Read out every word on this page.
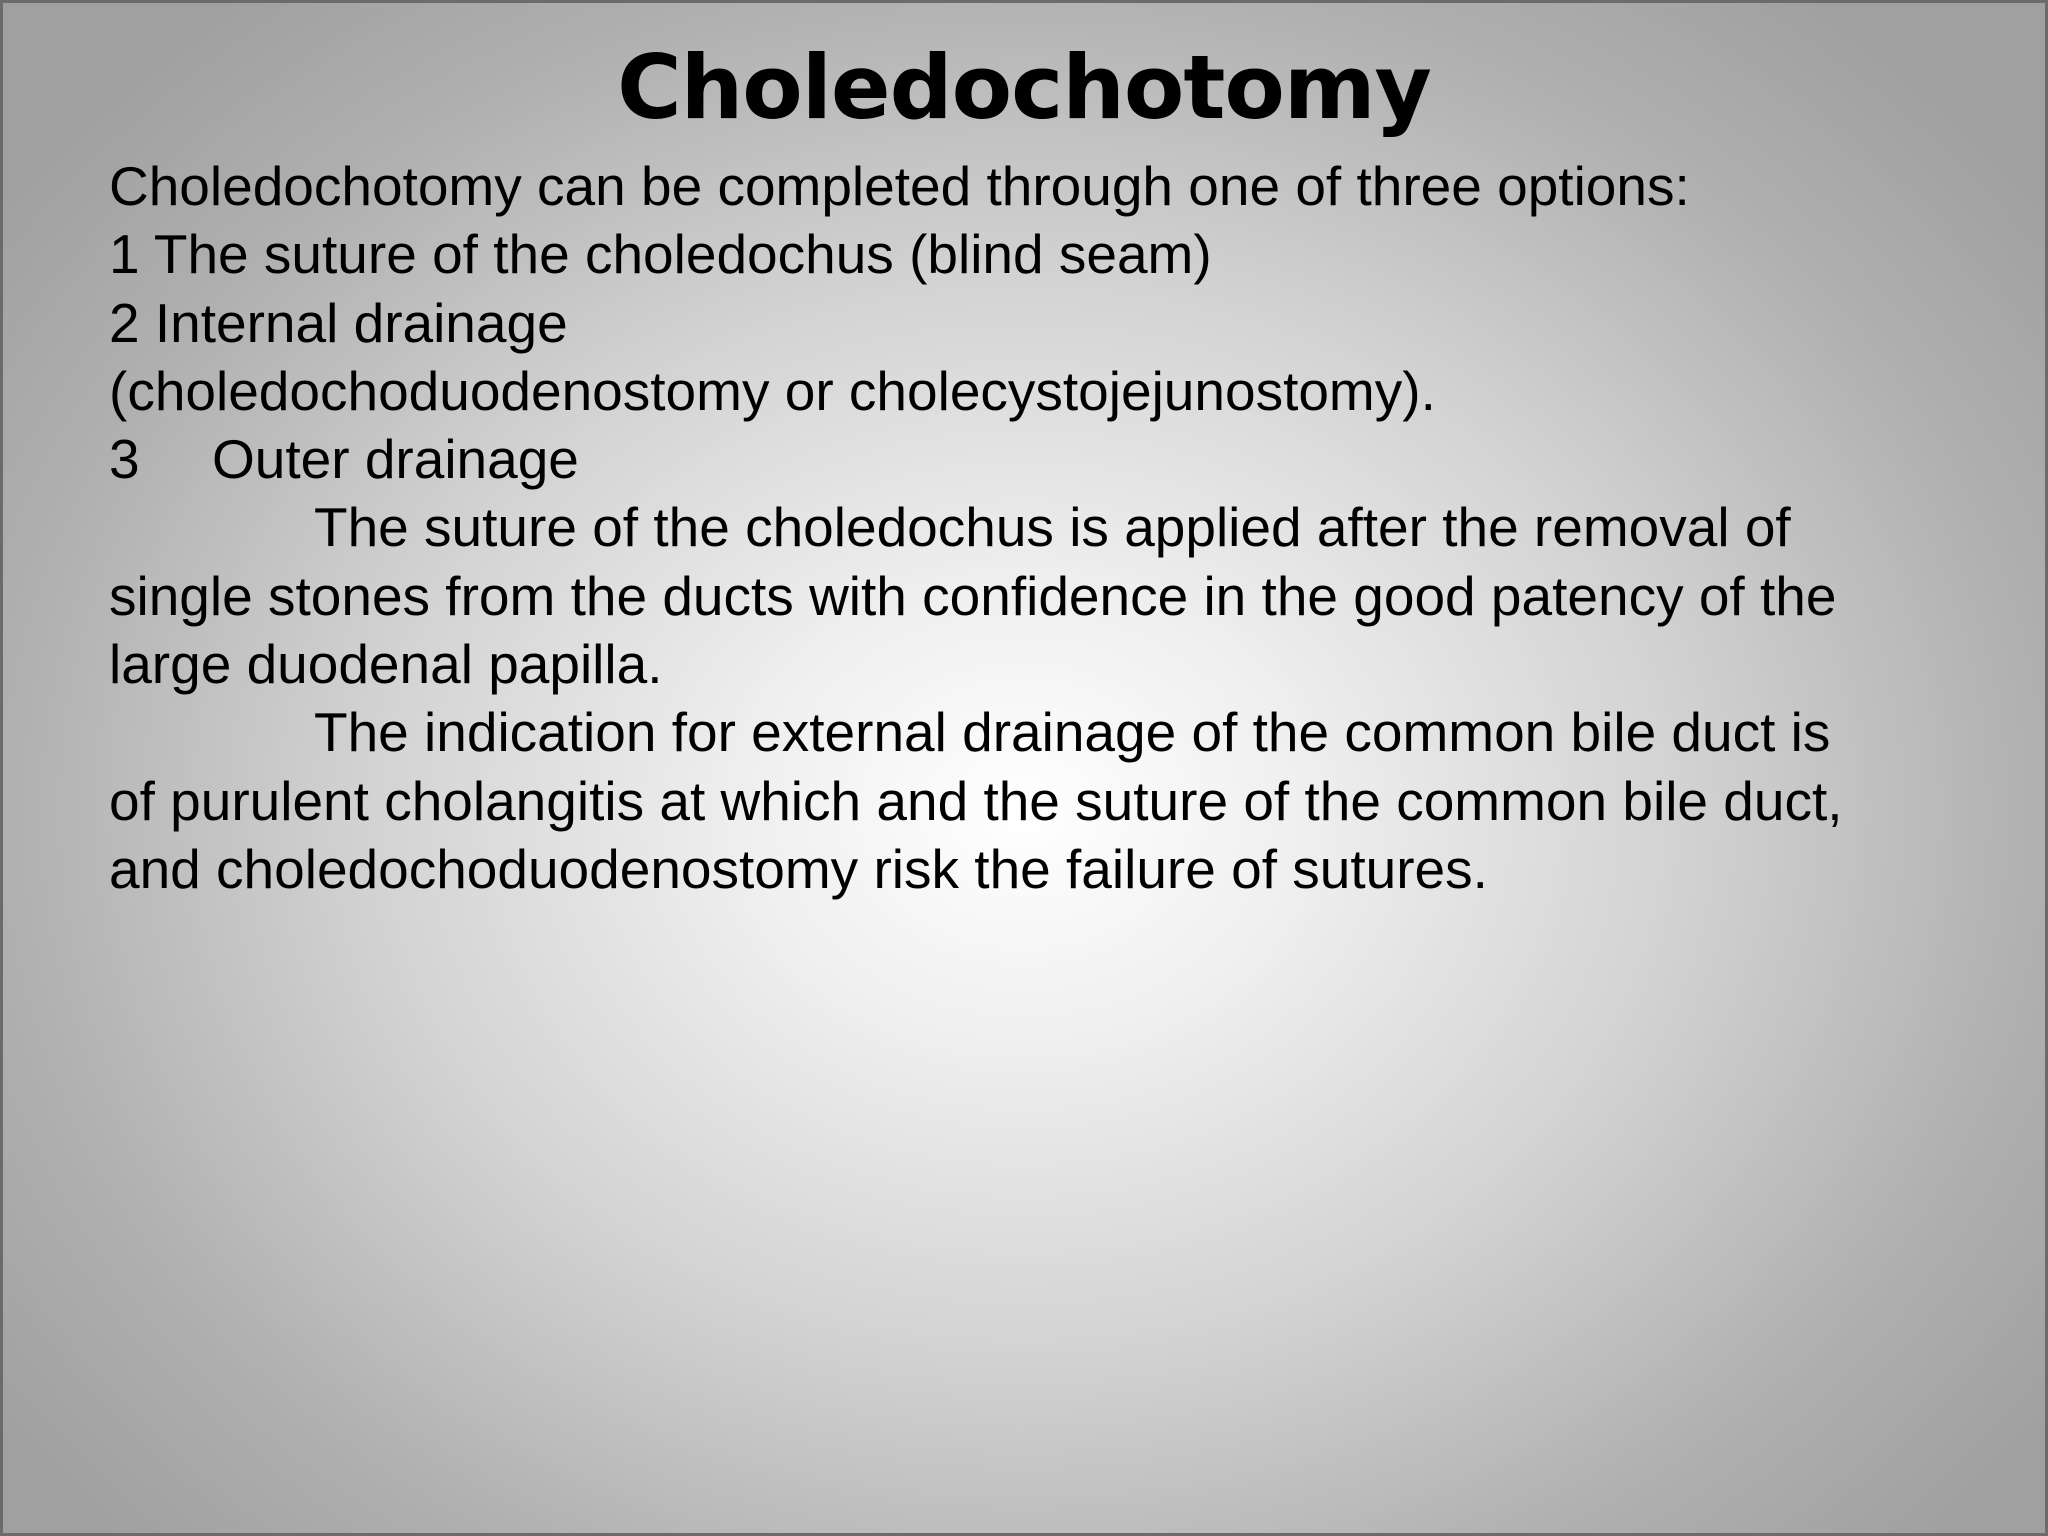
Choledochotomy
Choledochotomy can be completed through one of three options:
1 The suture of the choledochus (blind seam)
2 Internal drainage
(choledochoduodenostomy or cholecystojejunostomy).
3 Outer drainage
The suture of the choledochus is applied after the removal of
single stones from the ducts with confidence in the good patency of the
large duodenal papilla.
The indication for external drainage of the common bile duct is
of purulent cholangitis at which and the suture of the common bile duct,
and choledochoduodenostomy risk the failure of sutures.
